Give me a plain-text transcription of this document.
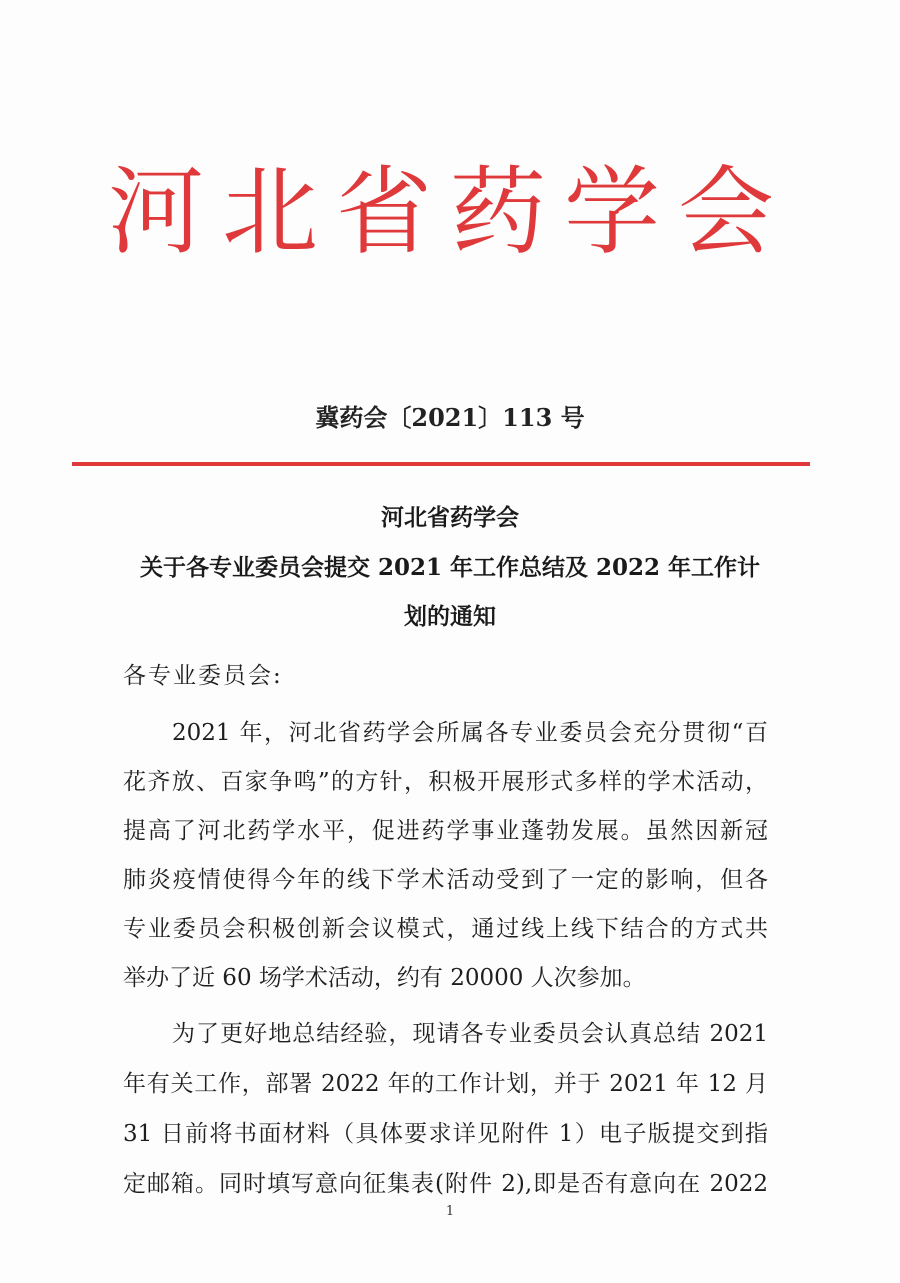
河北省药学会
冀药会〔2021〕113 号
河北省药学会
关于各专业委员会提交 2021 年工作总结及 2022 年工作计
划的通知
各专业委员会:
2021 年，河北省药学会所属各专业委员会充分贯彻“百
花齐放、百家争鸣”的方针，积极开展形式多样的学术活动，
提高了河北药学水平，促进药学事业蓬勃发展。虽然因新冠
肺炎疫情使得今年的线下学术活动受到了一定的影响，但各
专业委员会积极创新会议模式，通过线上线下结合的方式共
举办了近 60 场学术活动，约有 20000 人次参加。
为了更好地总结经验，现请各专业委员会认真总结 2021
年有关工作，部署 2022 年的工作计划，并于 2021 年 12 月
31 日前将书面材料（具体要求详见附件 1）电子版提交到指
定邮箱。同时填写意向征集表(附件 2),即是否有意向在 2022
1
